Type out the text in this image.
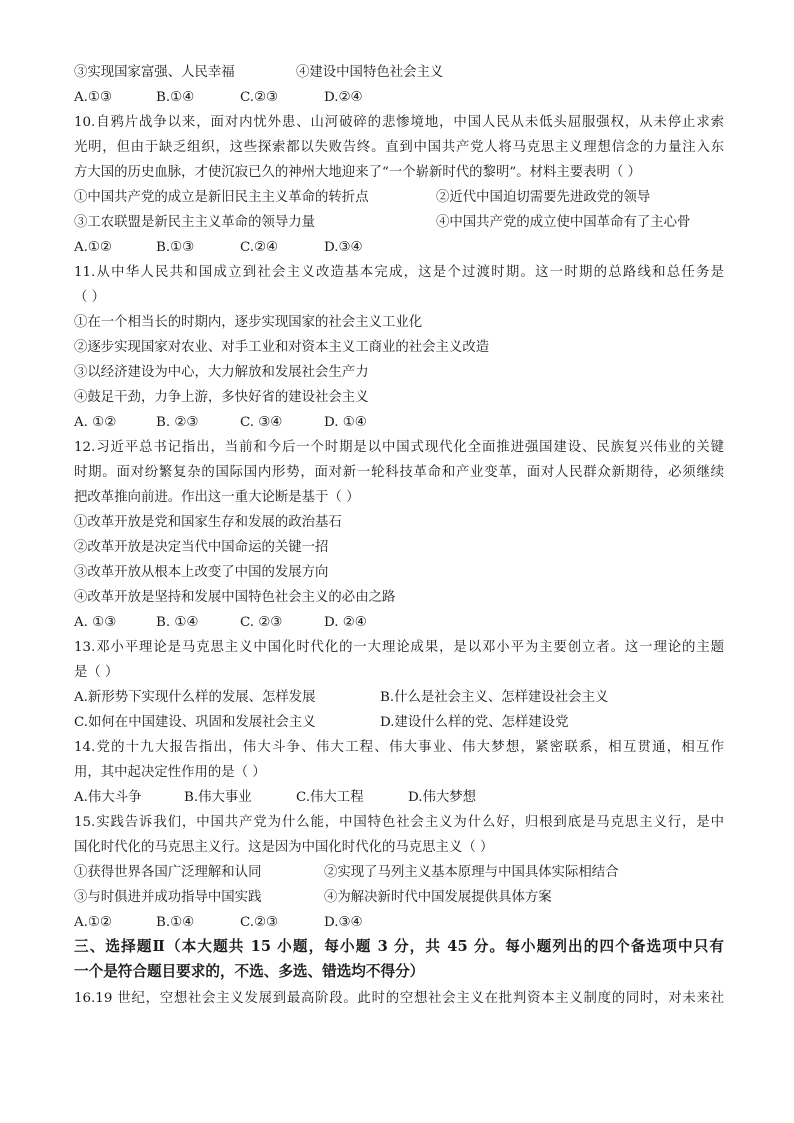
③实现国家富强、人民幸福	④建设中国特色社会主义
A.①③	B.①④	C.②③	D.②④
10.自鸦片战争以来，面对内忧外患、山河破碎的悲惨境地，中国人民从未低头屈服强权，从未停止求索
光明，但由于缺乏组织，这些探索都以失败告终。直到中国共产党人将马克思主义理想信念的力量注入东
方大国的历史血脉，才使沉寂已久的神州大地迎来了“一个崭新时代的黎明”。材料主要表明（ ）
①中国共产党的成立是新旧民主主义革命的转折点	②近代中国迫切需要先进政党的领导
③工农联盟是新民主主义革命的领导力量	④中国共产党的成立使中国革命有了主心骨
A.①②	B.①③	C.②④	D.③④
11.从中华人民共和国成立到社会主义改造基本完成，这是个过渡时期。这一时期的总路线和总任务是
（ ）
①在一个相当长的时期内，逐步实现国家的社会主义工业化
②逐步实现国家对农业、对手工业和对资本主义工商业的社会主义改造
③以经济建设为中心，大力解放和发展社会生产力
④鼓足干劲，力争上游，多快好省的建设社会主义
A. ①②	B. ②③	C. ③④	D. ①④
12.习近平总书记指出，当前和今后一个时期是以中国式现代化全面推进强国建设、民族复兴伟业的关键
时期。面对纷繁复杂的国际国内形势，面对新一轮科技革命和产业变革，面对人民群众新期待，必须继续
把改革推向前进。作出这一重大论断是基于（ ）
①改革开放是党和国家生存和发展的政治基石
②改革开放是决定当代中国命运的关键一招
③改革开放从根本上改变了中国的发展方向
④改革开放是坚持和发展中国特色社会主义的必由之路
A. ①③	B. ①④	C. ②③	D. ②④
13.邓小平理论是马克思主义中国化时代化的一大理论成果，是以邓小平为主要创立者。这一理论的主题
是（ ）
A.新形势下实现什么样的发展、怎样发展	B.什么是社会主义、怎样建设社会主义
C.如何在中国建设、巩固和发展社会主义	D.建设什么样的党、怎样建设党
14.党的十九大报告指出，伟大斗争、伟大工程、伟大事业、伟大梦想，紧密联系，相互贯通，相互作
用，其中起决定性作用的是（ ）
A.伟大斗争	B.伟大事业	C.伟大工程	D.伟大梦想
15.实践告诉我们，中国共产党为什么能，中国特色社会主义为什么好，归根到底是马克思主义行，是中
国化时代化的马克思主义行。这是因为中国化时代化的马克思主义（ ）
①获得世界各国广泛理解和认同	②实现了马列主义基本原理与中国具体实际相结合
③与时俱进并成功指导中国实践	④为解决新时代中国发展提供具体方案
A.①②	B.①④	C.②③	D.③④
三、选择题Ⅱ（本大题共 15 小题，每小题 3 分，共 45 分。每小题列出的四个备选项中只有
一个是符合题目要求的，不选、多选、错选均不得分）
16.19 世纪，空想社会主义发展到最高阶段。此时的空想社会主义在批判资本主义制度的同时，对未来社
